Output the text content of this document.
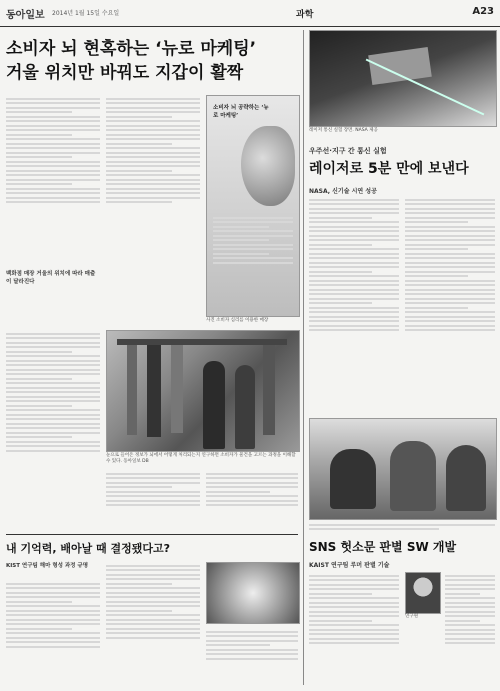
동아일보 2014년 1월 15일 수요일	과학	A23
소비자 뇌 현혹하는 ‘뉴로 마케팅’
거울 위치만 바꿔도 지갑이 활짝
소비자 뇌 공략하는 ‘뉴로 마케팅’
사진 소비자 심리를 이용한 매장
백화점 매장 거울의 위치에 따라 매출이 달라진다
눈으로 들어온 정보가 뇌에서 어떻게 처리되는지 연구하면 소비자가 물건을 고르는 과정을 이해할 수 있다. 동아일보 DB
내 기억력, 배아날 때 결정됐다고?
KIST 연구팀 해마 형성 과정 규명
레이저 통신 실험 장면. NASA 제공
우주선·지구 간 통신 실험
레이저로 5분 만에 보낸다
NASA, 신기술 시연 성공
SNS 헛소문 판별 SW 개발
KAIST 연구팀 루머 판별 기술
연구원
